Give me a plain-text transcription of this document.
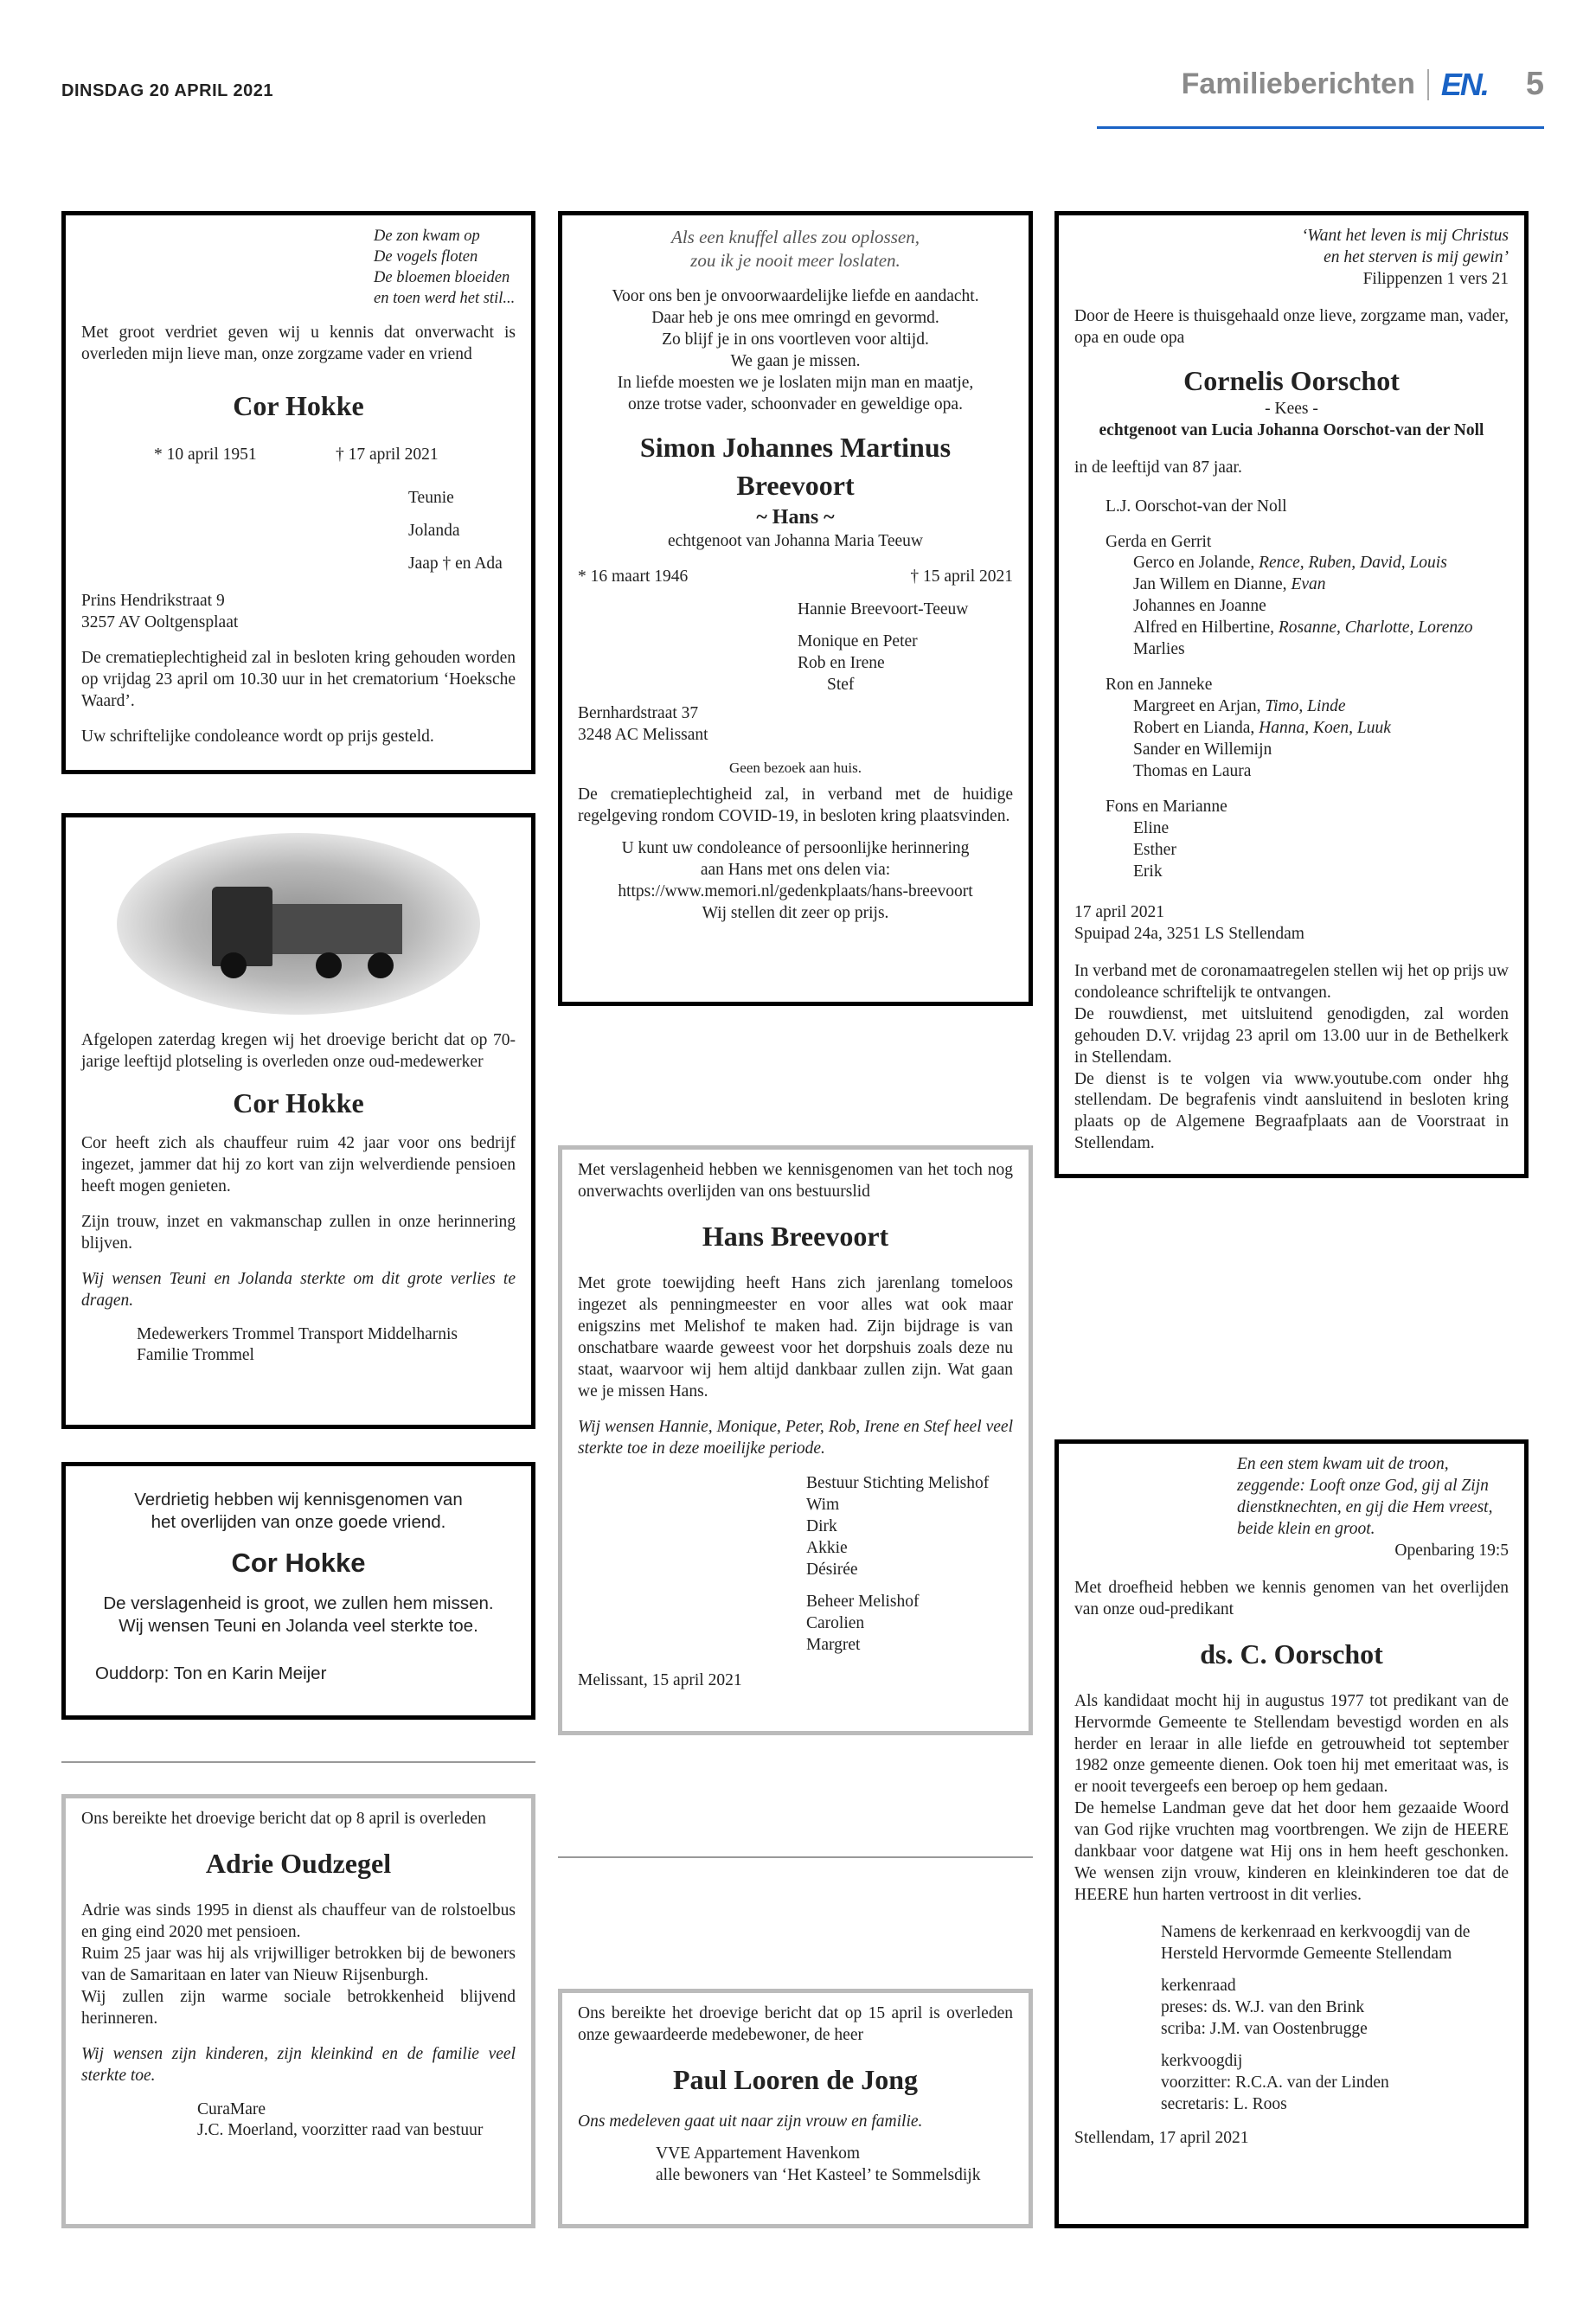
DINSDAG 20 APRIL 2021	Familieberichten EN. 5
De zon kwam op
De vogels floten
De bloemen bloeiden
en toen werd het stil...
Met groot verdriet geven wij u kennis dat onverwacht is overleden mijn lieve man, onze zorgzame vader en vriend
Cor Hokke
* 10 april 1951	† 17 april 2021
Teunie
Jolanda
Jaap † en Ada
Prins Hendrikstraat 9
3257 AV Ooltgensplaat
De crematieplechtigheid zal in besloten kring gehouden worden op vrijdag 23 april om 10.30 uur in het crematorium ‘Hoeksche Waard’.
Uw schriftelijke condoleance wordt op prijs gesteld.
Afgelopen zaterdag kregen wij het droevige bericht dat op 70-jarige leeftijd plotseling is overleden onze oud-medewerker
Cor Hokke
Cor heeft zich als chauffeur ruim 42 jaar voor ons bedrijf ingezet, jammer dat hij zo kort van zijn welverdiende pensioen heeft mogen genieten.
Zijn trouw, inzet en vakmanschap zullen in onze herinnering blijven.
Wij wensen Teuni en Jolanda sterkte om dit grote verlies te dragen.
Medewerkers Trommel Transport Middelharnis
Familie Trommel
Verdrietig hebben wij kennisgenomen van
het overlijden van onze goede vriend.
Cor Hokke
De verslagenheid is groot, we zullen hem missen.
Wij wensen Teuni en Jolanda veel sterkte toe.
Ouddorp: Ton en Karin Meijer
Ons bereikte het droevige bericht dat op 8 april is overleden
Adrie Oudzegel
Adrie was sinds 1995 in dienst als chauffeur van de rolstoelbus en ging eind 2020 met pensioen.
Ruim 25 jaar was hij als vrijwilliger betrokken bij de bewoners van de Samaritaan en later van Nieuw Rijsenburgh.
Wij zullen zijn warme sociale betrokkenheid blijvend herinneren.
Wij wensen zijn kinderen, zijn kleinkind en de familie veel sterkte toe.
CuraMare
J.C. Moerland, voorzitter raad van bestuur
Als een knuffel alles zou oplossen,
zou ik je nooit meer loslaten.
Voor ons ben je onvoorwaardelijke liefde en aandacht.
Daar heb je ons mee omringd en gevormd.
Zo blijf je in ons voortleven voor altijd.
We gaan je missen.
In liefde moesten we je loslaten mijn man en maatje,
onze trotse vader, schoonvader en geweldige opa.
Simon Johannes Martinus
Breevoort
~ Hans ~
echtgenoot van Johanna Maria Teeuw
* 16 maart 1946	† 15 april 2021
Hannie Breevoort-Teeuw
Monique en Peter
Rob en Irene
Stef
Bernhardstraat 37
3248 AC Melissant
Geen bezoek aan huis.
De crematieplechtigheid zal, in verband met de huidige regelgeving rondom COVID-19, in besloten kring plaatsvinden.
U kunt uw condoleance of persoonlijke herinnering
aan Hans met ons delen via:
https://www.memori.nl/gedenkplaats/hans-breevoort
Wij stellen dit zeer op prijs.
Met verslagenheid hebben we kennisgenomen van het toch nog onverwachts overlijden van ons bestuurslid
Hans Breevoort
Met grote toewijding heeft Hans zich jarenlang tomeloos ingezet als penningmeester en voor alles wat ook maar enigszins met Melishof te maken had. Zijn bijdrage is van onschatbare waarde geweest voor het dorpshuis zoals deze nu staat, waarvoor wij hem altijd dankbaar zullen zijn. Wat gaan we je missen Hans.
Wij wensen Hannie, Monique, Peter, Rob, Irene en Stef heel veel sterkte toe in deze moeilijke periode.
Bestuur Stichting Melishof
Wim
Dirk
Akkie
Désirée
Beheer Melishof
Carolien
Margret
Melissant, 15 april 2021
Ons bereikte het droevige bericht dat op 15 april is overleden onze gewaardeerde medebewoner, de heer
Paul Looren de Jong
Ons medeleven gaat uit naar zijn vrouw en familie.
VVE Appartement Havenkom
alle bewoners van ‘Het Kasteel’ te Sommelsdijk
‘Want het leven is mij Christus
en het sterven is mij gewin’
Filippenzen 1 vers 21
Door de Heere is thuisgehaald onze lieve, zorgzame man, vader, opa en oude opa
Cornelis Oorschot
- Kees -
echtgenoot van Lucia Johanna Oorschot-van der Noll
in de leeftijd van 87 jaar.
L.J. Oorschot-van der Noll
Gerda en Gerrit
Gerco en Jolande, Rence, Ruben, David, Louis
Jan Willem en Dianne, Evan
Johannes en Joanne
Alfred en Hilbertine, Rosanne, Charlotte, Lorenzo
Marlies
Ron en Janneke
Margreet en Arjan, Timo, Linde
Robert en Lianda, Hanna, Koen, Luuk
Sander en Willemijn
Thomas en Laura
Fons en Marianne
Eline
Esther
Erik
17 april 2021
Spuipad 24a, 3251 LS Stellendam
In verband met de coronamaatregelen stellen wij het op prijs uw condoleance schriftelijk te ontvangen.
De rouwdienst, met uitsluitend genodigden, zal worden gehouden D.V. vrijdag 23 april om 13.00 uur in de Bethelkerk in Stellendam.
De dienst is te volgen via www.youtube.com onder hhg stellendam. De begrafenis vindt aansluitend in besloten kring plaats op de Algemene Begraafplaats aan de Voorstraat in Stellendam.
En een stem kwam uit de troon,
zeggende: Looft onze God, gij al Zijn
dienstknechten, en gij die Hem vreest,
beide klein en groot.
Openbaring 19:5
Met droefheid hebben we kennis genomen van het overlijden van onze oud-predikant
ds. C. Oorschot
Als kandidaat mocht hij in augustus 1977 tot predikant van de Hervormde Gemeente te Stellendam bevestigd worden en als herder en leraar in alle liefde en getrouwheid tot september 1982 onze gemeente dienen. Ook toen hij met emeritaat was, is er nooit tevergeefs een beroep op hem gedaan.
De hemelse Landman geve dat het door hem gezaaide Woord van God rijke vruchten mag voortbrengen. We zijn de HEERE dankbaar voor datgene wat Hij ons in hem heeft geschonken. We wensen zijn vrouw, kinderen en kleinkinderen toe dat de HEERE hun harten vertroost in dit verlies.
Namens de kerkenraad en kerkvoogdij van de
Hersteld Hervormde Gemeente Stellendam
kerkenraad
preses: ds. W.J. van den Brink
scriba: J.M. van Oostenbrugge
kerkvoogdij
voorzitter: R.C.A. van der Linden
secretaris: L. Roos
Stellendam, 17 april 2021
